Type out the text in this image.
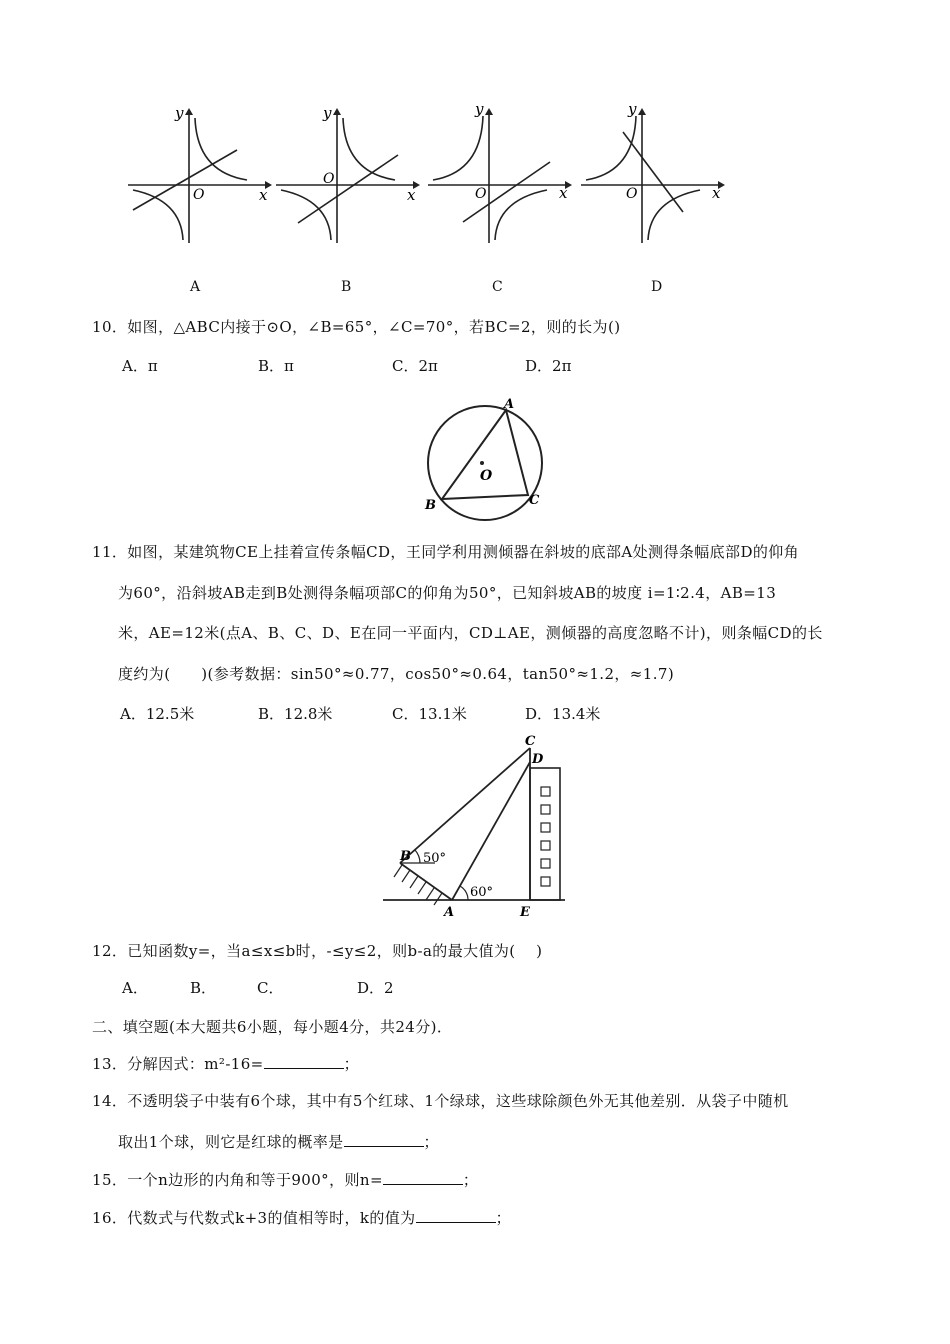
y
O	x
y
O
x
y
O	x
y
O	x
A	B	C	D
10．如图，△ABC内接于⊙O，∠B=65°，∠C=70°，若BC=2，则的长为()
A．π	B．π	C．2π	D．2π
A
B	C
O
11．如图，某建筑物CE上挂着宣传条幅CD，王同学利用测倾器在斜坡的底部A处测得条幅底部D的仰角
为60°，沿斜坡AB走到B处测得条幅项部C的仰角为50°，已知斜坡AB的坡度 i=1∶2.4，AB=13
米，AE=12米(点A、B、C、D、E在同一平面内，CD⊥AE，测倾器的高度忽略不计)，则条幅CD的长
度约为(　　)(参考数据：sin50°≈0.77，cos50°≈0.64，tan50°≈1.2，≈1.7)
A．12.5米	B．12.8米	C．13.1米	D．13.4米
C
D
B
A	E
50°
60°
12．已知函数y=，当a≤x≤b时，-≤y≤2，则b-a的最大值为(　 )
A．	B．	C．	D．2
二、填空题(本大题共6小题，每小题4分，共24分)．
13．分解因式：m²-16=	；
14．不透明袋子中装有6个球，其中有5个红球、1个绿球，这些球除颜色外无其他差别．从袋子中随机
取出1个球，则它是红球的概率是	；
15．一个n边形的内角和等于900°，则n=	；
16．代数式与代数式k+3的值相等时，k的值为	；
